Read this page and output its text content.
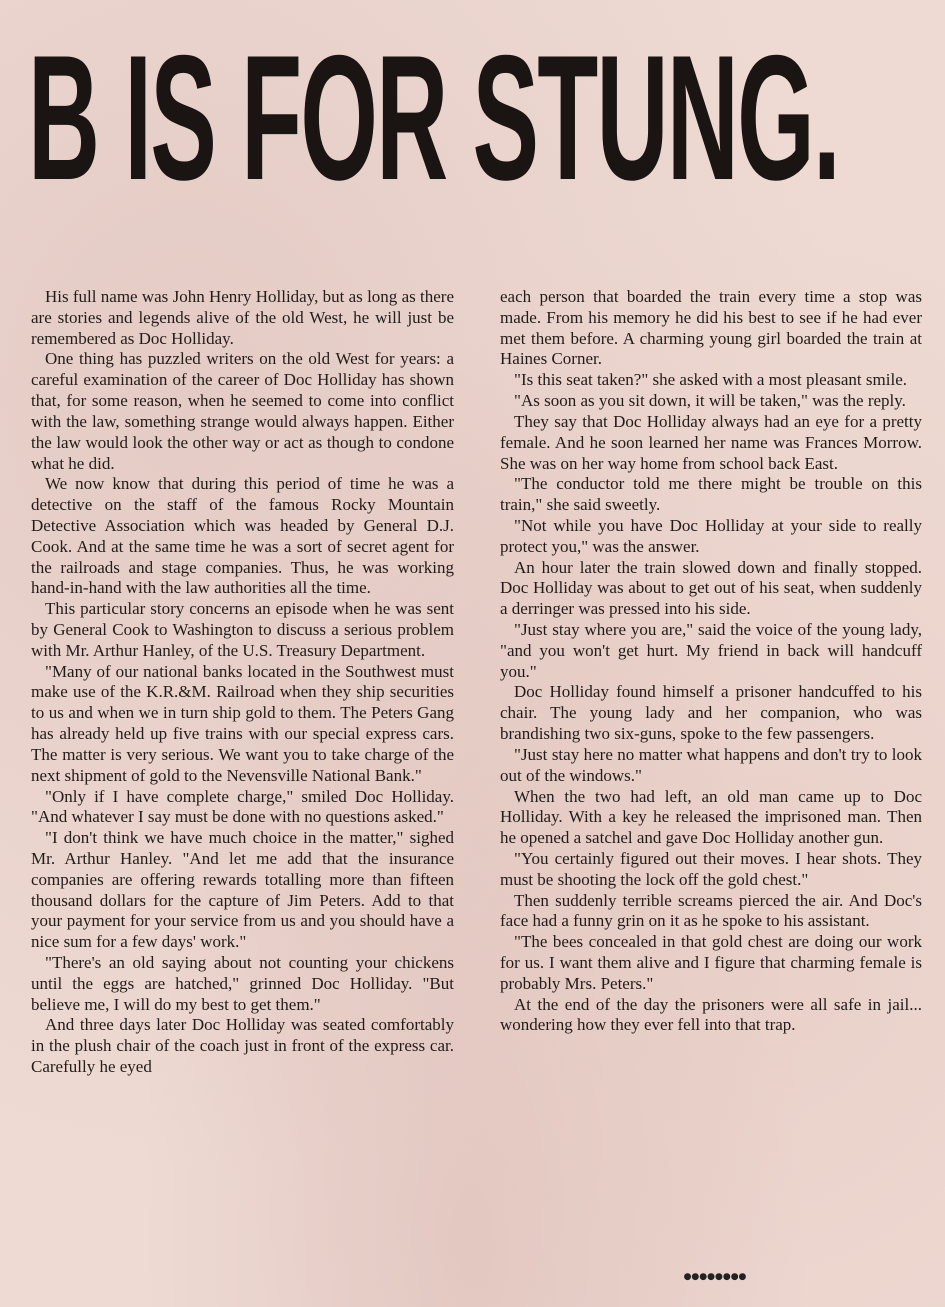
B IS FOR STUNG.

His full name was John Henry Holliday, but as long as there are stories and legends alive of the old West, he will just be remembered as Doc Holliday.

One thing has puzzled writers on the old West for years: a careful examination of the career of Doc Holliday has shown that, for some reason, when he seemed to come into conflict with the law, something strange would always happen. Either the law would look the other way or act as though to condone what he did.

We now know that during this period of time he was a detective on the staff of the famous Rocky Mountain Detective Association which was headed by General D.J. Cook. And at the same time he was a sort of secret agent for the railroads and stage companies. Thus, he was working hand-in-hand with the law authorities all the time.

This particular story concerns an episode when he was sent by General Cook to Washington to discuss a serious problem with Mr. Arthur Hanley, of the U.S. Treasury Department.

"Many of our national banks located in the Southwest must make use of the K.R.&M. Railroad when they ship securities to us and when we in turn ship gold to them. The Peters Gang has already held up five trains with our special express cars. The matter is very serious. We want you to take charge of the next shipment of gold to the Nevensville National Bank."

"Only if I have complete charge," smiled Doc Holliday. "And whatever I say must be done with no questions asked."

"I don't think we have much choice in the matter," sighed Mr. Arthur Hanley. "And let me add that the insurance companies are offering rewards totalling more than fifteen thousand dollars for the capture of Jim Peters. Add to that your payment for your service from us and you should have a nice sum for a few days' work."

"There's an old saying about not counting your chickens until the eggs are hatched," grinned Doc Holliday. "But believe me, I will do my best to get them."

And three days later Doc Holliday was seated comfortably in the plush chair of the coach just in front of the express car. Carefully he eyed

each person that boarded the train every time a stop was made. From his memory he did his best to see if he had ever met them before. A charming young girl boarded the train at Haines Corner.

"Is this seat taken?" she asked with a most pleasant smile.

"As soon as you sit down, it will be taken," was the reply.

They say that Doc Holliday always had an eye for a pretty female. And he soon learned her name was Frances Morrow. She was on her way home from school back East.

"The conductor told me there might be trouble on this train," she said sweetly.

"Not while you have Doc Holliday at your side to really protect you," was the answer.

An hour later the train slowed down and finally stopped. Doc Holliday was about to get out of his seat, when suddenly a derringer was pressed into his side.

"Just stay where you are," said the voice of the young lady, "and you won't get hurt. My friend in back will handcuff you."

Doc Holliday found himself a prisoner handcuffed to his chair. The young lady and her companion, who was brandishing two six-guns, spoke to the few passengers.

"Just stay here no matter what happens and don't try to look out of the windows."

When the two had left, an old man came up to Doc Holliday. With a key he released the imprisoned man. Then he opened a satchel and gave Doc Holliday another gun.

"You certainly figured out their moves. I hear shots. They must be shooting the lock off the gold chest."

Then suddenly terrible screams pierced the air. And Doc's face had a funny grin on it as he spoke to his assistant.

"The bees concealed in that gold chest are doing our work for us. I want them alive and I figure that charming female is probably Mrs. Peters."

At the end of the day the prisoners were all safe in jail... wondering how they ever fell into that trap.

●●●●●●●●
